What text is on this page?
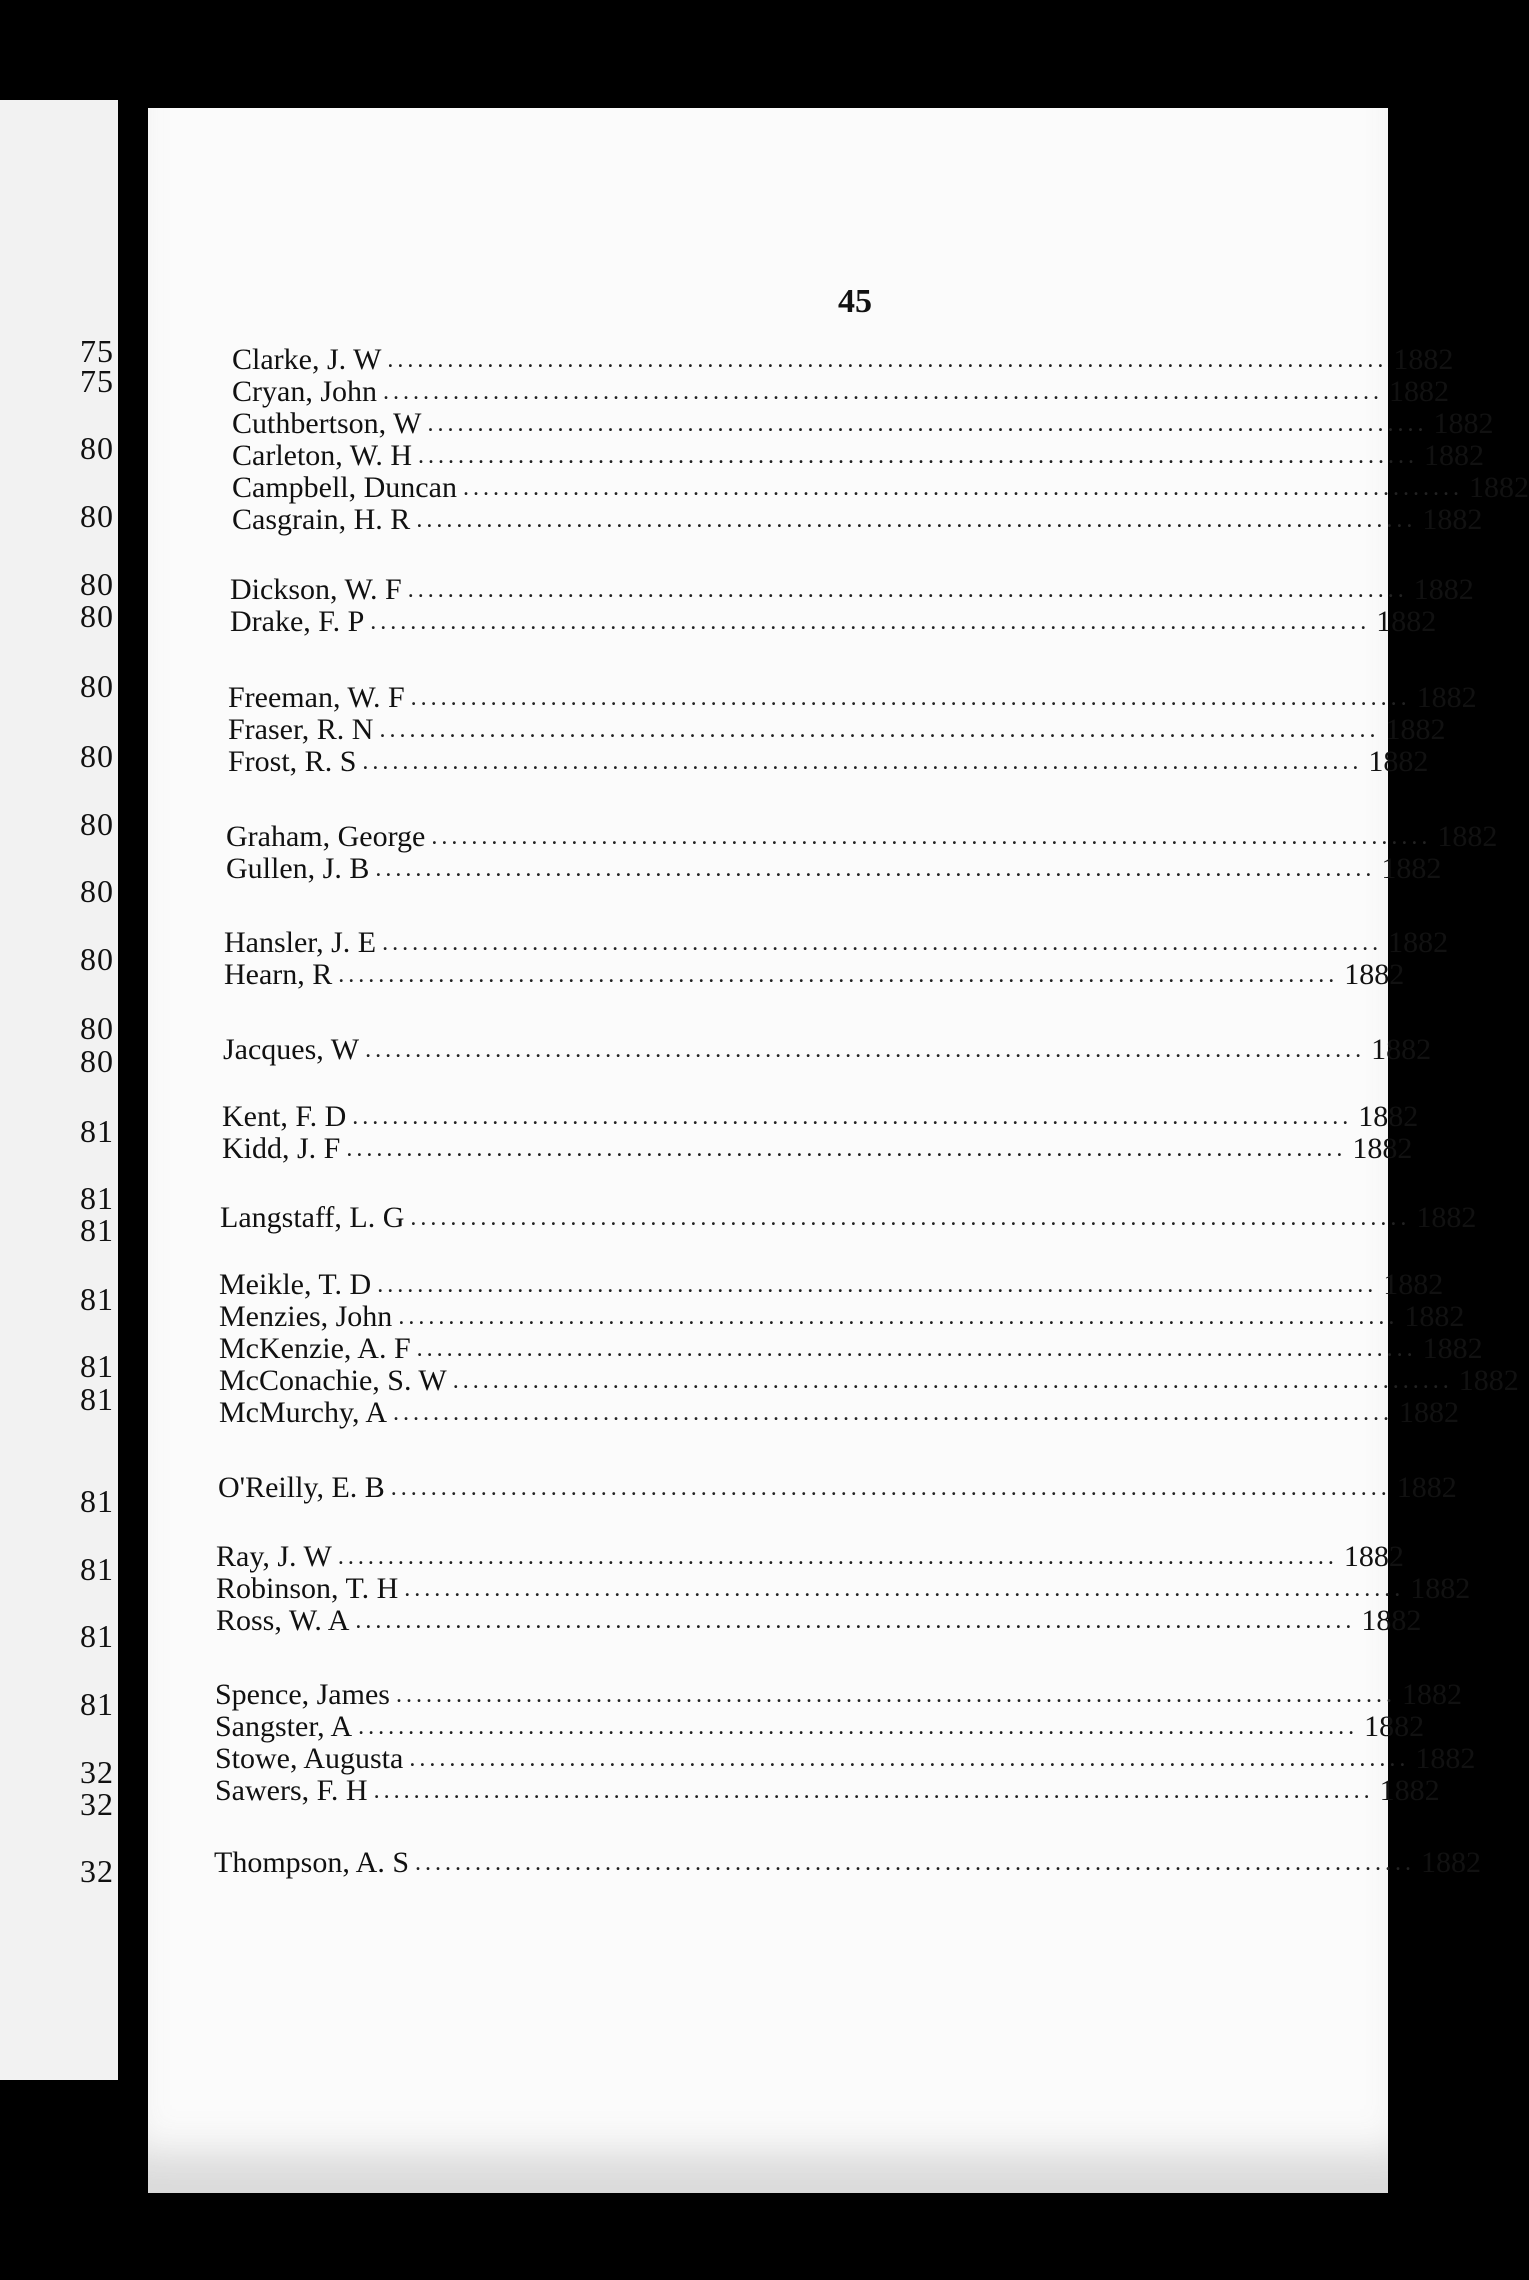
75
75
80
80
80
80
80
80
80
80
80
80
80
81
81
81
81
81
81
81
81
81
81
32
32
32
45
Clarke, J. W .................................................................................................... 1882
Cryan, John .................................................................................................... 1882
Cuthbertson, W .................................................................................................... 1882
Carleton, W. H .................................................................................................... 1882
Campbell, Duncan .................................................................................................... 1882
Casgrain, H. R .................................................................................................... 1882
Dickson, W. F .................................................................................................... 1882
Drake, F. P .................................................................................................... 1882
Freeman, W. F .................................................................................................... 1882
Fraser, R. N .................................................................................................... 1882
Frost, R. S .................................................................................................... 1882
Graham, George .................................................................................................... 1882
Gullen, J. B .................................................................................................... 1882
Hansler, J. E .................................................................................................... 1882
Hearn, R .................................................................................................... 1882
Jacques, W .................................................................................................... 1882
Kent, F. D .................................................................................................... 1882
Kidd, J. F .................................................................................................... 1882
Langstaff, L. G .................................................................................................... 1882
Meikle, T. D .................................................................................................... 1882
Menzies, John .................................................................................................... 1882
McKenzie, A. F .................................................................................................... 1882
McConachie, S. W .................................................................................................... 1882
McMurchy, A .................................................................................................... 1882
O'Reilly, E. B .................................................................................................... 1882
Ray, J. W .................................................................................................... 1882
Robinson, T. H .................................................................................................... 1882
Ross, W. A .................................................................................................... 1882
Spence, James .................................................................................................... 1882
Sangster, A .................................................................................................... 1882
Stowe, Augusta .................................................................................................... 1882
Sawers, F. H .................................................................................................... 1882
Thompson, A. S .................................................................................................... 1882
